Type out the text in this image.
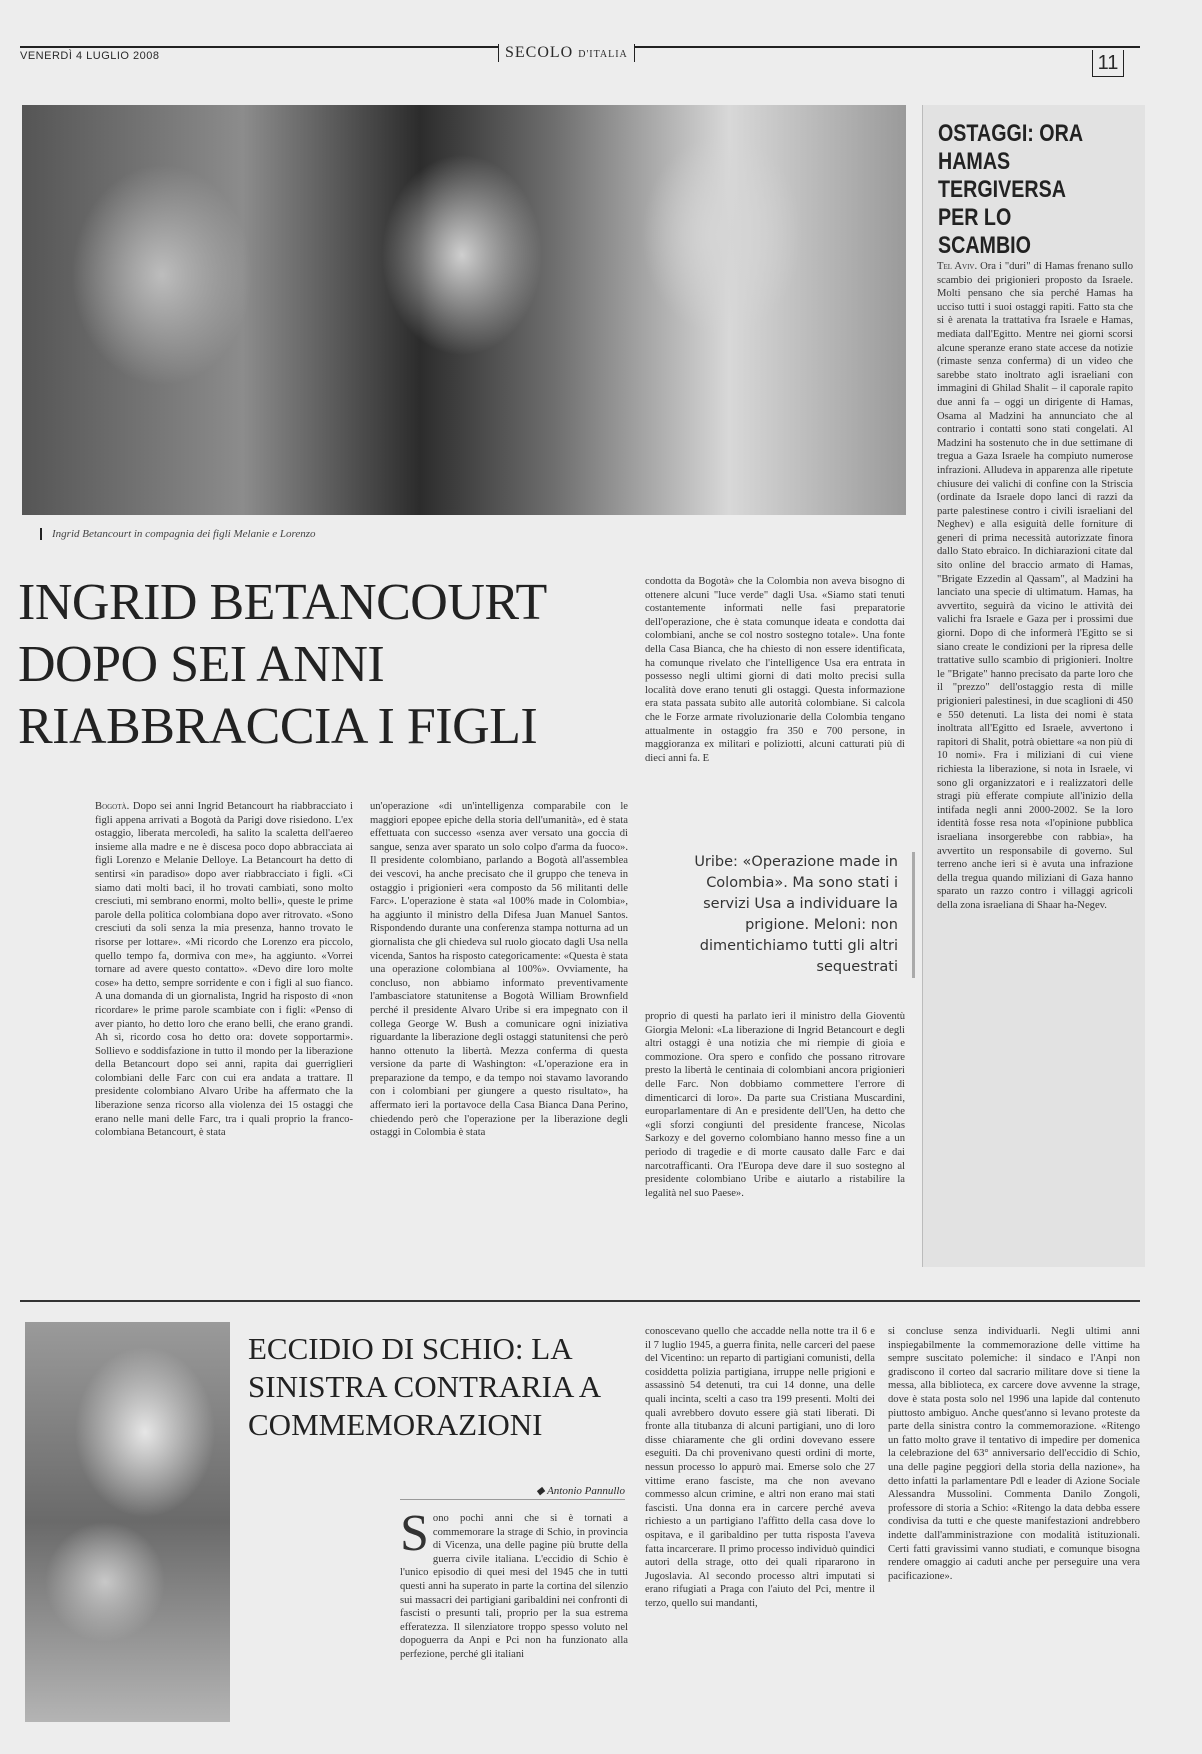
VENERDÌ 4 LUGLIO 2008	SECOLO D'ITALIA	11
Ingrid Betancourt in compagnia dei figli Melanie e Lorenzo
INGRID BETANCOURT DOPO SEI ANNI RIABBRACCIA I FIGLI
Bogotà. Dopo sei anni Ingrid Betancourt ha riabbracciato i figli appena arrivati a Bogotà da Parigi dove risiedono. L'ex ostaggio, liberata mercoledì, ha salito la scaletta dell'aereo insieme alla madre e ne è discesa poco dopo abbracciata ai figli Lorenzo e Melanie Delloye. La Betancourt ha detto di sentirsi «in paradiso» dopo aver riabbracciato i figli. «Ci siamo dati molti baci, il ho trovati cambiati, sono molto cresciuti, mi sembrano enormi, molto belli», queste le prime parole della politica colombiana dopo aver ritrovato. «Sono cresciuti da soli senza la mia presenza, hanno trovato le risorse per lottare». «Mi ricordo che Lorenzo era piccolo, quello tempo fa, dormiva con me», ha aggiunto. «Vorrei tornare ad avere questo contatto». «Devo dire loro molte cose» ha detto, sempre sorridente e con i figli al suo fianco. A una domanda di un giornalista, Ingrid ha risposto di «non ricordare» le prime parole scambiate con i figli: «Penso di aver pianto, ho detto loro che erano belli, che erano grandi. Ah sì, ricordo cosa ho detto ora: dovete sopportarmi». Sollievo e soddisfazione in tutto il mondo per la liberazione della Betancourt dopo sei anni, rapita dai guerriglieri colombiani delle Farc con cui era andata a trattare. Il presidente colombiano Alvaro Uribe ha affermato che la liberazione senza ricorso alla violenza dei 15 ostaggi che erano nelle mani delle Farc, tra i quali proprio la franco-colombiana Betancourt, è stata
un'operazione «di un'intelligenza comparabile con le maggiori epopee epiche della storia dell'umanità», ed è stata effettuata con successo «senza aver versato una goccia di sangue, senza aver sparato un solo colpo d'arma da fuoco». Il presidente colombiano, parlando a Bogotà all'assemblea dei vescovi, ha anche precisato che il gruppo che teneva in ostaggio i prigionieri «era composto da 56 militanti delle Farc». L'operazione è stata «al 100% made in Colombia», ha aggiunto il ministro della Difesa Juan Manuel Santos. Rispondendo durante una conferenza stampa notturna ad un giornalista che gli chiedeva sul ruolo giocato dagli Usa nella vicenda, Santos ha risposto categoricamente: «Questa è stata una operazione colombiana al 100%». Ovviamente, ha concluso, non abbiamo informato preventivamente l'ambasciatore statunitense a Bogotà William Brownfield perché il presidente Alvaro Uribe si era impegnato con il collega George W. Bush a comunicare ogni iniziativa riguardante la liberazione degli ostaggi statunitensi che però hanno ottenuto la libertà. Mezza conferma di questa versione da parte di Washington: «L'operazione era in preparazione da tempo, e da tempo noi stavamo lavorando con i colombiani per giungere a questo risultato», ha affermato ieri la portavoce della Casa Bianca Dana Perino, chiedendo però che l'operazione per la liberazione degli ostaggi in Colombia è stata
condotta da Bogotà» che la Colombia non aveva bisogno di ottenere alcuni "luce verde" dagli Usa. «Siamo stati tenuti costantemente informati nelle fasi preparatorie dell'operazione, che è stata comunque ideata e condotta dai colombiani, anche se col nostro sostegno totale». Una fonte della Casa Bianca, che ha chiesto di non essere identificata, ha comunque rivelato che l'intelligence Usa era entrata in possesso negli ultimi giorni di dati molto precisi sulla località dove erano tenuti gli ostaggi. Questa informazione era stata passata subito alle autorità colombiane. Si calcola che le Forze armate rivoluzionarie della Colombia tengano attualmente in ostaggio fra 350 e 700 persone, in maggioranza ex militari e poliziotti, alcuni catturati più di dieci anni fa. E
Uribe: «Operazione made in Colombia». Ma sono stati i servizi Usa a individuare la prigione. Meloni: non dimentichiamo tutti gli altri sequestrati
proprio di questi ha parlato ieri il ministro della Gioventù Giorgia Meloni: «La liberazione di Ingrid Betancourt e degli altri ostaggi è una notizia che mi riempie di gioia e commozione. Ora spero e confido che possano ritrovare presto la libertà le centinaia di colombiani ancora prigionieri delle Farc. Non dobbiamo commettere l'errore di dimenticarci di loro». Da parte sua Cristiana Muscardini, europarlamentare di An e presidente dell'Uen, ha detto che «gli sforzi congiunti del presidente francese, Nicolas Sarkozy e del governo colombiano hanno messo fine a un periodo di tragedie e di morte causato dalle Farc e dai narcotrafficanti. Ora l'Europa deve dare il suo sostegno al presidente colombiano Uribe e aiutarlo a ristabilire la legalità nel suo Paese».
OSTAGGI: ORA HAMAS TERGIVERSA PER LO SCAMBIO
Tel Aviv. Ora i "duri" di Hamas frenano sullo scambio dei prigionieri proposto da Israele. Molti pensano che sia perché Hamas ha ucciso tutti i suoi ostaggi rapiti. Fatto sta che si è arenata la trattativa fra Israele e Hamas, mediata dall'Egitto. Mentre nei giorni scorsi alcune speranze erano state accese da notizie (rimaste senza conferma) di un video che sarebbe stato inoltrato agli israeliani con immagini di Ghilad Shalit – il caporale rapito due anni fa – oggi un dirigente di Hamas, Osama al Madzini ha annunciato che al contrario i contatti sono stati congelati. Al Madzini ha sostenuto che in due settimane di tregua a Gaza Israele ha compiuto numerose infrazioni. Alludeva in apparenza alle ripetute chiusure dei valichi di confine con la Striscia (ordinate da Israele dopo lanci di razzi da parte palestinese contro i civili israeliani del Neghev) e alla esiguità delle forniture di generi di prima necessità autorizzate finora dallo Stato ebraico. In dichiarazioni citate dal sito online del braccio armato di Hamas, "Brigate Ezzedin al Qassam", al Madzini ha lanciato una specie di ultimatum. Hamas, ha avvertito, seguirà da vicino le attività dei valichi fra Israele e Gaza per i prossimi due giorni. Dopo di che informerà l'Egitto se si siano create le condizioni per la ripresa delle trattative sullo scambio di prigionieri. Inoltre le "Brigate" hanno precisato da parte loro che il "prezzo" dell'ostaggio resta di mille prigionieri palestinesi, in due scaglioni di 450 e 550 detenuti. La lista dei nomi è stata inoltrata all'Egitto ed Israele, avvertono i rapitori di Shalit, potrà obiettare «a non più di 10 nomi». Fra i miliziani di cui viene richiesta la liberazione, si nota in Israele, vi sono gli organizzatori e i realizzatori delle stragi più efferate compiute all'inizio della intifada negli anni 2000-2002. Se la loro identità fosse resa nota «l'opinione pubblica israeliana insorgerebbe con rabbia», ha avvertito un responsabile di governo. Sul terreno anche ieri si è avuta una infrazione della tregua quando miliziani di Gaza hanno sparato un razzo contro i villaggi agricoli della zona israeliana di Shaar ha-Negev.
ECCIDIO DI SCHIO: LA SINISTRA CONTRARIA A COMMEMORAZIONI
◆ Antonio Pannullo
Sono pochi anni che si è tornati a commemorare la strage di Schio, in provincia di Vicenza, una delle pagine più brutte della guerra civile italiana. L'eccidio di Schio è l'unico episodio di quei mesi del 1945 che in tutti questi anni ha superato in parte la cortina del silenzio sui massacri dei partigiani garibaldini nei confronti di fascisti o presunti tali, proprio per la sua estrema efferatezza. Il silenziatore troppo spesso voluto nel dopoguerra da Anpi e Pci non ha funzionato alla perfezione, perché gli italiani
conoscevano quello che accadde nella notte tra il 6 e il 7 luglio 1945, a guerra finita, nelle carceri del paese del Vicentino: un reparto di partigiani comunisti, della cosiddetta polizia partigiana, irruppe nelle prigioni e assassinò 54 detenuti, tra cui 14 donne, una delle quali incinta, scelti a caso tra 199 presenti. Molti dei quali avrebbero dovuto essere già stati liberati. Di fronte alla titubanza di alcuni partigiani, uno di loro disse chiaramente che gli ordini dovevano essere eseguiti. Da chi provenivano questi ordini di morte, nessun processo lo appurò mai. Emerse solo che 27 vittime erano fasciste, ma che non avevano commesso alcun crimine, e altri non erano mai stati fascisti. Una donna era in carcere perché aveva richiesto a un partigiano l'affitto della casa dove lo ospitava, e il garibaldino per tutta risposta l'aveva fatta incarcerare. Il primo processo individuò quindici autori della strage, otto dei quali ripararono in Jugoslavia. Al secondo processo altri imputati si erano rifugiati a Praga con l'aiuto del Pci, mentre il terzo, quello sui mandanti,
si concluse senza individuarli. Negli ultimi anni inspiegabilmente la commemorazione delle vittime ha sempre suscitato polemiche: il sindaco e l'Anpi non gradiscono il corteo dal sacrario militare dove si tiene la messa, alla biblioteca, ex carcere dove avvenne la strage, dove è stata posta solo nel 1996 una lapide dal contenuto piuttosto ambiguo. Anche quest'anno si levano proteste da parte della sinistra contro la commemorazione. «Ritengo un fatto molto grave il tentativo di impedire per domenica la celebrazione del 63° anniversario dell'eccidio di Schio, una delle pagine peggiori della storia della nazione», ha detto infatti la parlamentare Pdl e leader di Azione Sociale Alessandra Mussolini. Commenta Danilo Zongoli, professore di storia a Schio: «Ritengo la data debba essere condivisa da tutti e che queste manifestazioni andrebbero indette dall'amministrazione con modalità istituzionali. Certi fatti gravissimi vanno studiati, e comunque bisogna rendere omaggio ai caduti anche per perseguire una vera pacificazione».
